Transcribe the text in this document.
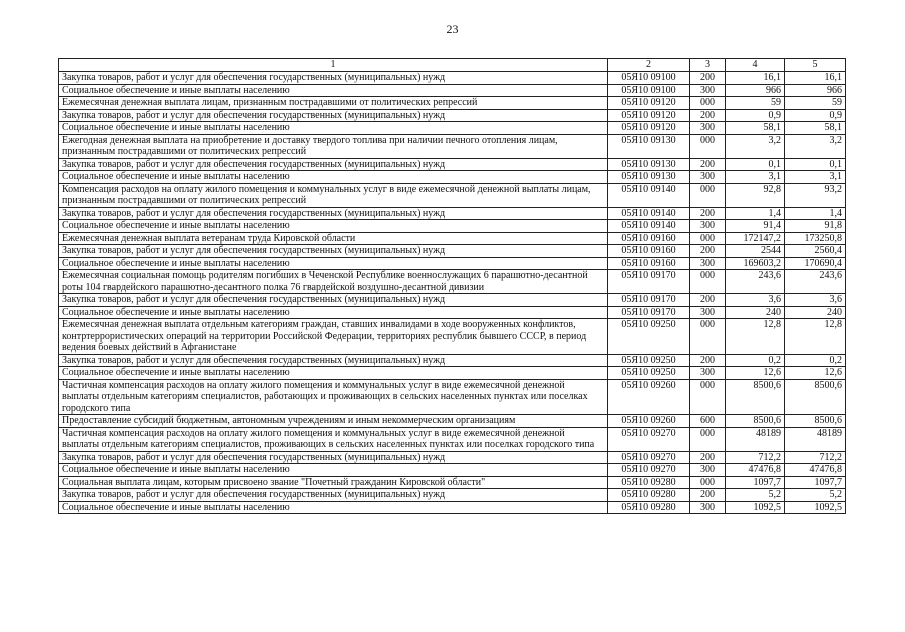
23
1	2	3	4	5
Закупка товаров, работ и услуг для обеспечения государственных (муниципальных) нужд	05Я10 09100	200	16,1	16,1
Социальное обеспечение и иные выплаты населению	05Я10 09100	300	966	966
Ежемесячная денежная выплата лицам, признанным пострадавшими от политических репрессий	05Я10 09120	000	59	59
Закупка товаров, работ и услуг для обеспечения государственных (муниципальных) нужд	05Я10 09120	200	0,9	0,9
Социальное обеспечение и иные выплаты населению	05Я10 09120	300	58,1	58,1
Ежегодная денежная выплата на приобретение и доставку твердого топлива при наличии печного отопления лицам, признанным пострадавшими от политических репрессий	05Я10 09130	000	3,2	3,2
Закупка товаров, работ и услуг для обеспечения государственных (муниципальных) нужд	05Я10 09130	200	0,1	0,1
Социальное обеспечение и иные выплаты населению	05Я10 09130	300	3,1	3,1
Компенсация расходов на оплату жилого помещения и коммунальных услуг в виде ежемесячной денежной выплаты лицам, признанным пострадавшими от политических репрессий	05Я10 09140	000	92,8	93,2
Закупка товаров, работ и услуг для обеспечения государственных (муниципальных) нужд	05Я10 09140	200	1,4	1,4
Социальное обеспечение и иные выплаты населению	05Я10 09140	300	91,4	91,8
Ежемесячная денежная выплата ветеранам труда Кировской области	05Я10 09160	000	172147,2	173250,8
Закупка товаров, работ и услуг для обеспечения государственных (муниципальных) нужд	05Я10 09160	200	2544	2560,4
Социальное обеспечение и иные выплаты населению	05Я10 09160	300	169603,2	170690,4
Ежемесячная социальная помощь родителям погибших в Чеченской Республике военнослужащих 6 парашютно-десантной роты 104 гвардейского парашютно-десантного полка 76 гвардейской воздушно-десантной дивизии	05Я10 09170	000	243,6	243,6
Закупка товаров, работ и услуг для обеспечения государственных (муниципальных) нужд	05Я10 09170	200	3,6	3,6
Социальное обеспечение и иные выплаты населению	05Я10 09170	300	240	240
Ежемесячная денежная выплата отдельным категориям граждан, ставших инвалидами в ходе вооруженных конфликтов, контртеррористических операций на территории Российской Федерации, территориях республик бывшего СССР, в период ведения боевых действий в Афганистане	05Я10 09250	000	12,8	12,8
Закупка товаров, работ и услуг для обеспечения государственных (муниципальных) нужд	05Я10 09250	200	0,2	0,2
Социальное обеспечение и иные выплаты населению	05Я10 09250	300	12,6	12,6
Частичная компенсация расходов на оплату жилого помещения и коммунальных услуг в виде ежемесячной денежной выплаты отдельным категориям специалистов, работающих и проживающих в сельских населенных пунктах или поселках городского типа	05Я10 09260	000	8500,6	8500,6
Предоставление субсидий бюджетным, автономным учреждениям и иным некоммерческим организациям	05Я10 09260	600	8500,6	8500,6
Частичная компенсация расходов на оплату жилого помещения и коммунальных услуг в виде ежемесячной денежной выплаты отдельным категориям специалистов, проживающих в сельских населенных пунктах или поселках городского типа	05Я10 09270	000	48189	48189
Закупка товаров, работ и услуг для обеспечения государственных (муниципальных) нужд	05Я10 09270	200	712,2	712,2
Социальное обеспечение и иные выплаты населению	05Я10 09270	300	47476,8	47476,8
Социальная выплата лицам, которым присвоено звание "Почетный гражданин Кировской области"	05Я10 09280	000	1097,7	1097,7
Закупка товаров, работ и услуг для обеспечения государственных (муниципальных) нужд	05Я10 09280	200	5,2	5,2
Социальное обеспечение и иные выплаты населению	05Я10 09280	300	1092,5	1092,5
